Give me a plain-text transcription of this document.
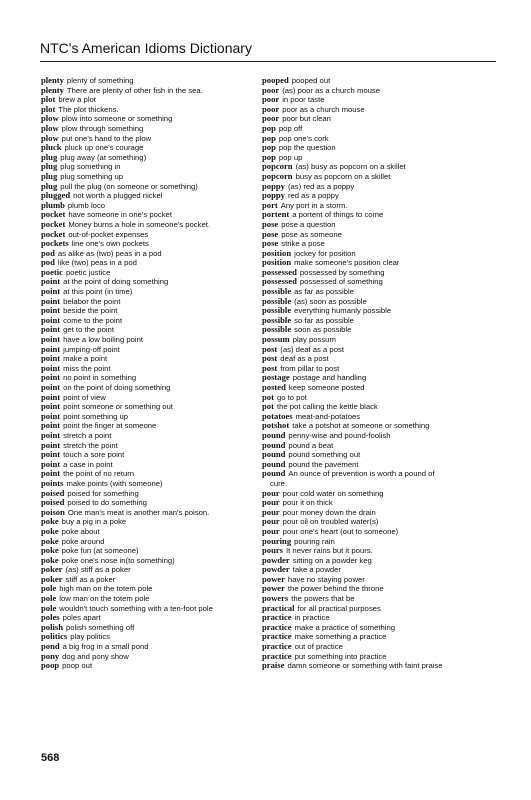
NTC's American Idioms Dictionary
plenty plenty of something
plenty There are plenty of other fish in the sea.
plot brew a plot
plot The plot thickens.
plow plow into someone or something
plow plow through something
plow put one's hand to the plow
pluck pluck up one's courage
plug plug away (at something)
plug plug something in
plug plug something up
plug pull the plug (on someone or something)
plugged not worth a plugged nickel
plumb plumb loco
pocket have someone in one's pocket
pocket Money burns a hole in someone's pocket.
pocket out-of-pocket expenses
pockets line one's own pockets
pod as alike as (two) peas in a pod
pod like (two) peas in a pod
poetic poetic justice
point at the point of doing something
point at this point (in time)
point belabor the point
point beside the point
point come to the point
point get to the point
point have a low boiling point
point jumping-off point
point make a point
point miss the point
point no point in something
point on the point of doing something
point point of view
point point someone or something out
point point something up
point point the finger at someone
point stretch a point
point stretch the point
point touch a sore point
point a case in point
point the point of no return
points make points (with someone)
poised poised for something
poised poised to do something
poison One man's meat is another man's poison.
poke buy a pig in a poke
poke poke about
poke poke around
poke poke fun (at someone)
poke poke one's nose in(to something)
poker (as) stiff as a poker
poker stiff as a poker
pole high man on the totem pole
pole low man on the totem pole
pole wouldn't touch something with a ten-foot pole
poles poles apart
polish polish something off
politics play politics
pond a big frog in a small pond
pony dog and pony show
poop poop out
pooped pooped out
poor (as) poor as a church mouse
poor in poor taste
poor poor as a church mouse
poor poor but clean
pop pop off
pop pop one's cork
pop pop the question
pop pop up
popcorn (as) busy as popcorn on a skillet
popcorn busy as popcorn on a skillet
poppy (as) red as a poppy
poppy red as a poppy
port Any port in a storm.
portent a portent of things to come
pose pose a question
pose pose as someone
pose strike a pose
position jockey for position
position make someone's position clear
possessed possessed by something
possessed possessed of something
possible as far as possible
possible (as) soon as possible
possible everything humanly possible
possible so far as possible
possible soon as possible
possum play possum
post (as) deaf as a post
post deaf as a post
post from pillar to post
postage postage and handling
posted keep someone posted
pot go to pot
pot the pot calling the kettle black
potatoes meat-and-potatoes
potshot take a potshot at someone or something
pound penny-wise and pound-foolish
pound pound a beat
pound pound something out
pound pound the pavement
pound An ounce of prevention is worth a pound of
cure.
pour pour cold water on something
pour pour it on thick
pour pour money down the drain
pour pour oil on troubled water(s)
pour pour one's heart (out to someone)
pouring pouring rain
pours It never rains but it pours.
powder sitting on a powder keg
powder take a powder
power have no staying power
power the power behind the throne
powers the powers that be
practical for all practical purposes
practice in practice
practice make a practice of something
practice make something a practice
practice out of practice
practice put something into practice
praise damn someone or something with faint praise
568
